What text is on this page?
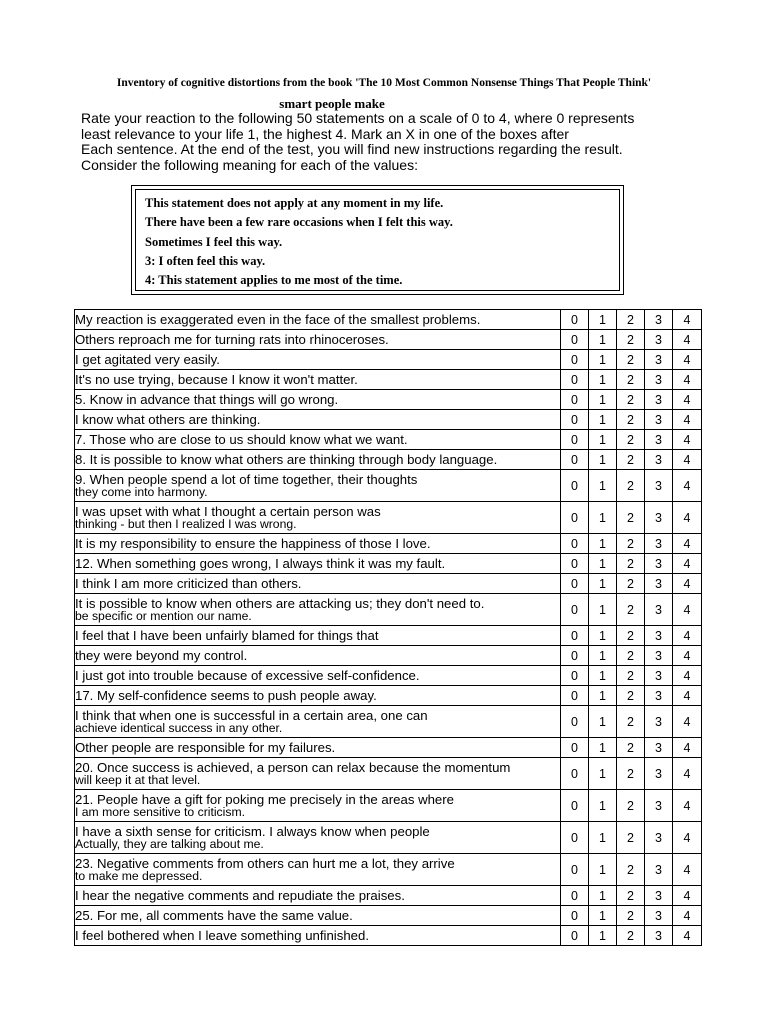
Inventory of cognitive distortions from the book 'The 10 Most Common Nonsense Things That People Think'
smart people make
Rate your reaction to the following 50 statements on a scale of 0 to 4, where 0 represents
least relevance to your life 1, the highest 4. Mark an X in one of the boxes after
Each sentence. At the end of the test, you will find new instructions regarding the result.
Consider the following meaning for each of the values:
This statement does not apply at any moment in my life.
There have been a few rare occasions when I felt this way.
Sometimes I feel this way.
3: I often feel this way.
4: This statement applies to me most of the time.
My reaction is exaggerated even in the face of the smallest problems.	0	1	2	3	4

Others reproach me for turning rats into rhinoceroses.	0	1	2	3	4

I get agitated very easily.	0	1	2	3	4

It's no use trying, because I know it won't matter.	0	1	2	3	4

5. Know in advance that things will go wrong.	0	1	2	3	4

I know what others are thinking.	0	1	2	3	4

7. Those who are close to us should know what we want.	0	1	2	3	4

8. It is possible to know what others are thinking through body language.	0	1	2	3	4

9. When people spend a lot of time together, their thoughts
they come into harmony.	0	1	2	3	4

I was upset with what I thought a certain person was
thinking - but then I realized I was wrong.	0	1	2	3	4

It is my responsibility to ensure the happiness of those I love.	0	1	2	3	4

12. When something goes wrong, I always think it was my fault.	0	1	2	3	4

I think I am more criticized than others.	0	1	2	3	4

It is possible to know when others are attacking us; they don't need to.
be specific or mention our name.	0	1	2	3	4

I feel that I have been unfairly blamed for things that	0	1	2	3	4

they were beyond my control.	0	1	2	3	4

I just got into trouble because of excessive self-confidence.	0	1	2	3	4

17. My self-confidence seems to push people away.	0	1	2	3	4

I think that when one is successful in a certain area, one can
achieve identical success in any other.	0	1	2	3	4

Other people are responsible for my failures.	0	1	2	3	4

20. Once success is achieved, a person can relax because the momentum
will keep it at that level.	0	1	2	3	4

21. People have a gift for poking me precisely in the areas where
I am more sensitive to criticism.	0	1	2	3	4

I have a sixth sense for criticism. I always know when people
Actually, they are talking about me.	0	1	2	3	4

23. Negative comments from others can hurt me a lot, they arrive
to make me depressed.	0	1	2	3	4

I hear the negative comments and repudiate the praises.	0	1	2	3	4

25. For me, all comments have the same value.	0	1	2	3	4

I feel bothered when I leave something unfinished.	0	1	2	3	4
